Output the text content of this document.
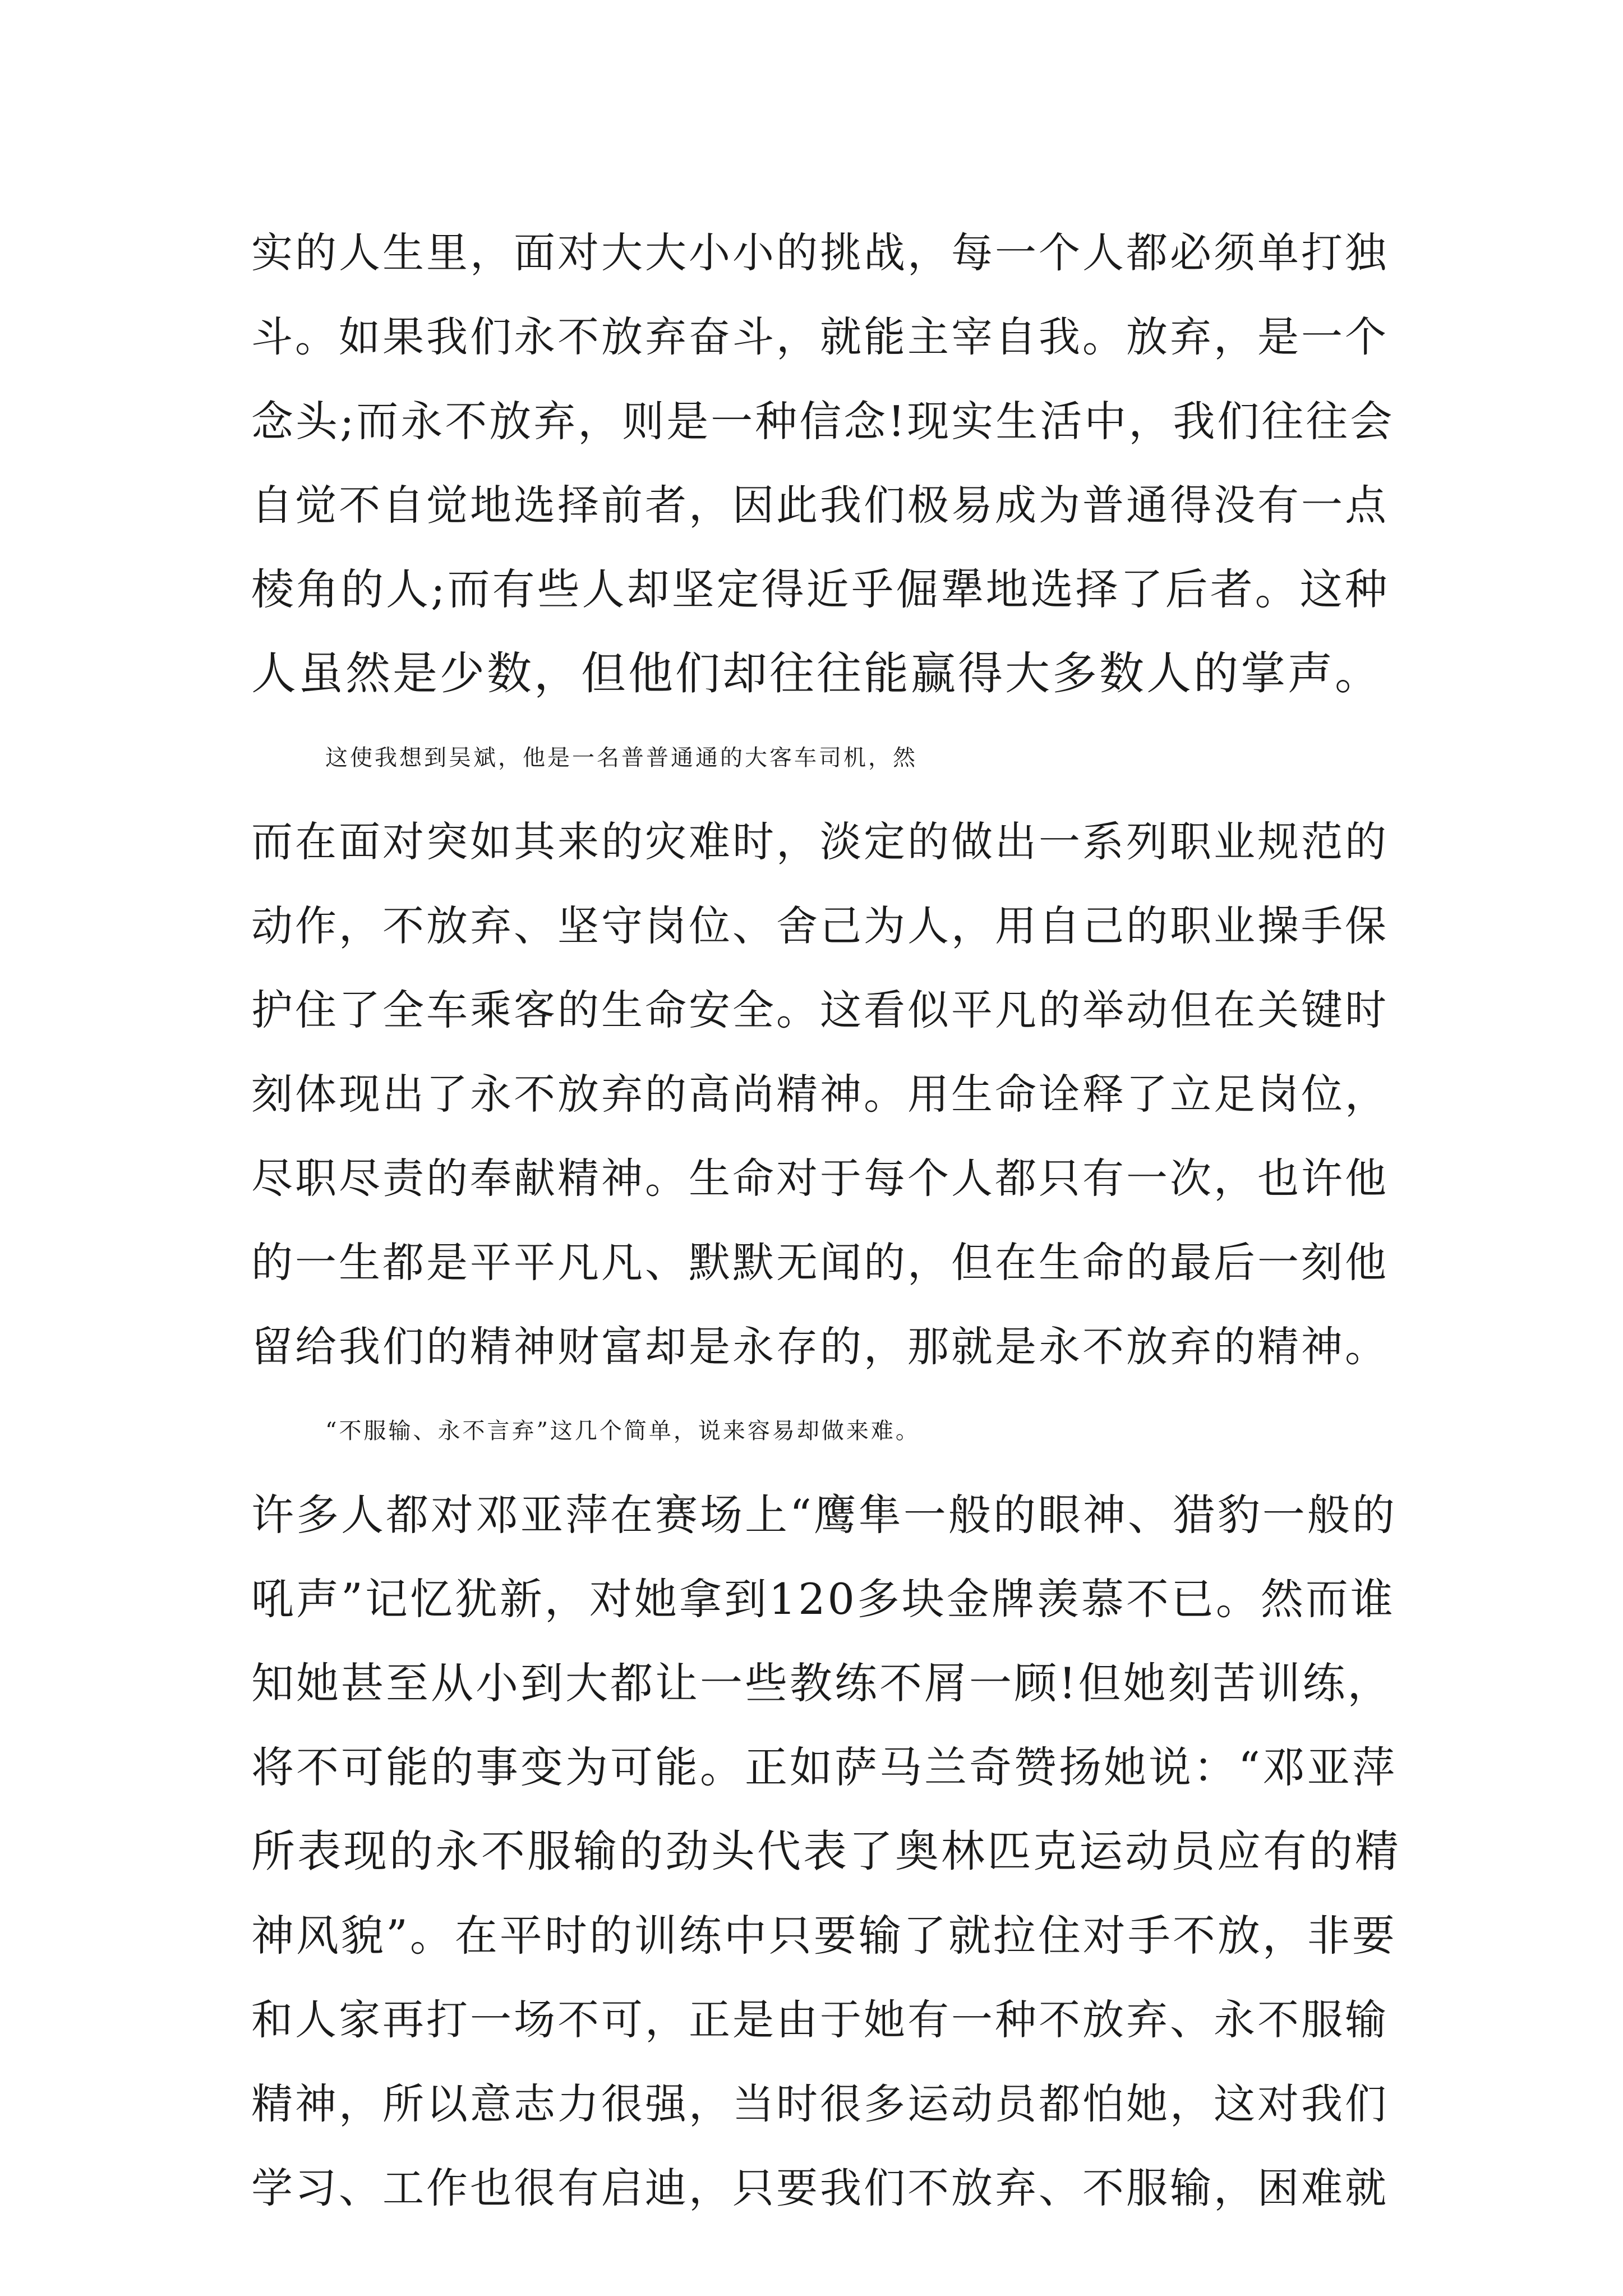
实的人生里，面对大大小小的挑战，每一个人都必须单打独
斗。如果我们永不放弃奋斗，就能主宰自我。放弃，是一个
念头;而永不放弃，则是一种信念!现实生活中，我们往往会
自觉不自觉地选择前者，因此我们极易成为普通得没有一点
棱角的人;而有些人却坚定得近乎倔犟地选择了后者。这种
人虽然是少数，但他们却往往能赢得大多数人的掌声。
这使我想到吴斌，他是一名普普通通的大客车司机，然
而在面对突如其来的灾难时，淡定的做出一系列职业规范的
动作，不放弃、坚守岗位、舍己为人，用自己的职业操手保
护住了全车乘客的生命安全。这看似平凡的举动但在关键时
刻体现出了永不放弃的高尚精神。用生命诠释了立足岗位，
尽职尽责的奉献精神。生命对于每个人都只有一次，也许他
的一生都是平平凡凡、默默无闻的，但在生命的最后一刻他
留给我们的精神财富却是永存的，那就是永不放弃的精神。
“不服输、永不言弃”这几个简单，说来容易却做来难。
许多人都对邓亚萍在赛场上“鹰隼一般的眼神、猎豹一般的
吼声”记忆犹新，对她拿到120多块金牌羡慕不已。然而谁
知她甚至从小到大都让一些教练不屑一顾!但她刻苦训练，
将不可能的事变为可能。正如萨马兰奇赞扬她说：“邓亚萍
所表现的永不服输的劲头代表了奥林匹克运动员应有的精
神风貌”。在平时的训练中只要输了就拉住对手不放，非要
和人家再打一场不可，正是由于她有一种不放弃、永不服输
精神，所以意志力很强，当时很多运动员都怕她，这对我们
学习、工作也很有启迪，只要我们不放弃、不服输，困难就
